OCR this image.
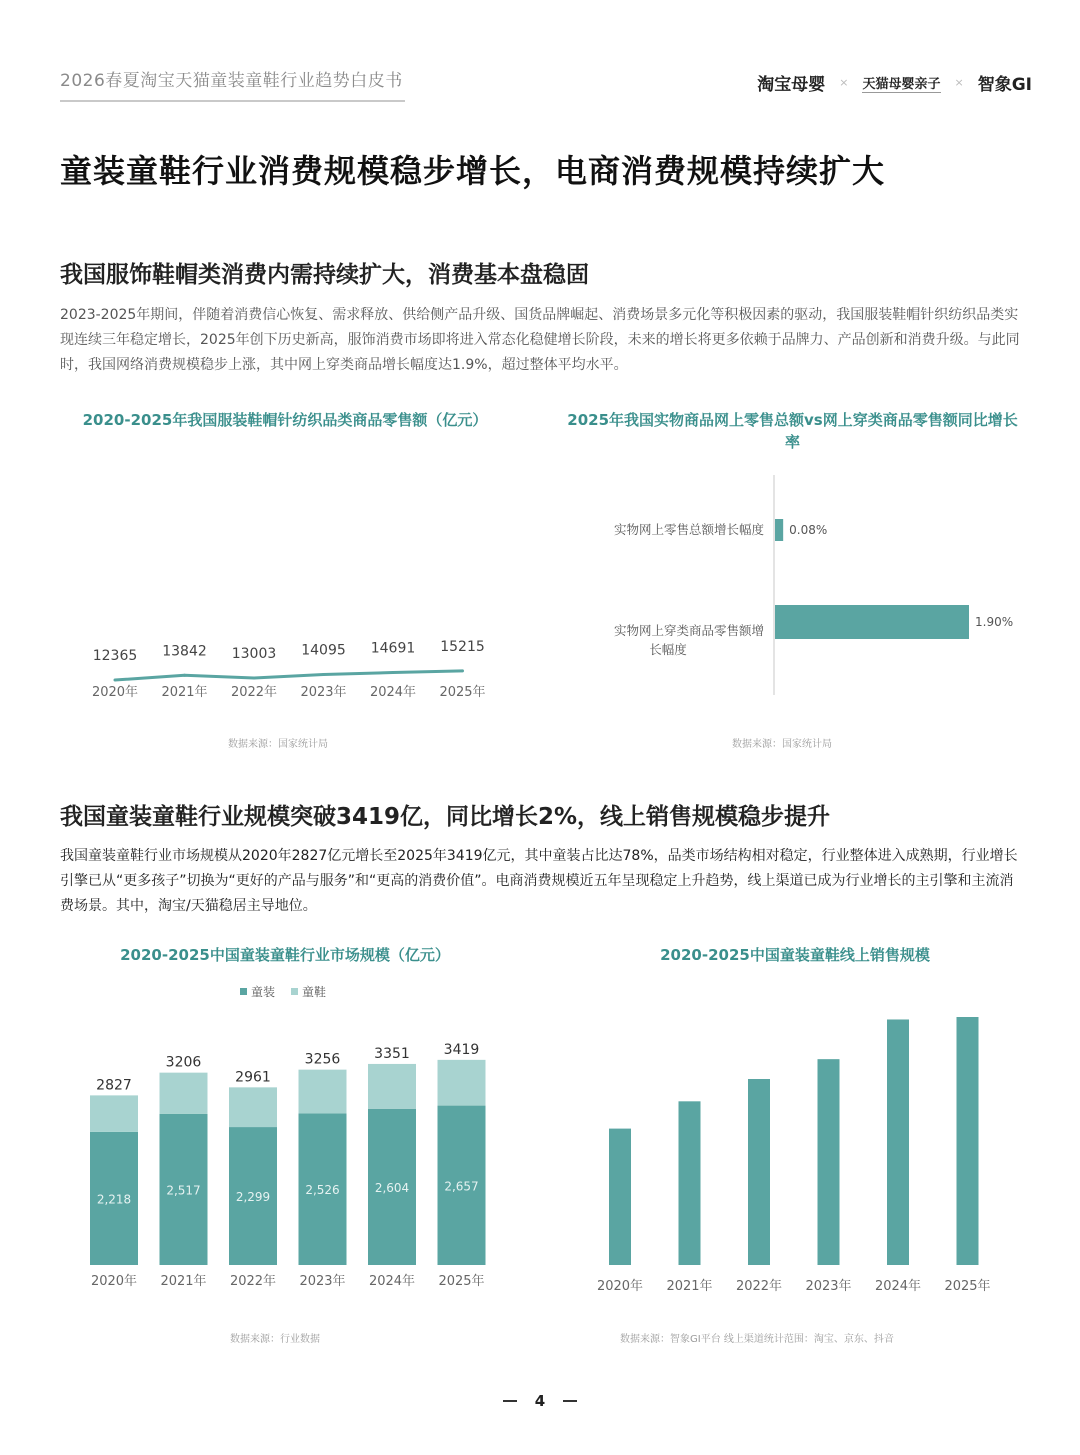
2026春夏淘宝天猫童装童鞋行业趋势白皮书	淘宝母婴 × 天猫母婴亲子 × 智象GI
童装童鞋行业消费规模稳步增长，电商消费规模持续扩大
我国服饰鞋帽类消费内需持续扩大，消费基本盘稳固

2023-2025年期间，伴随着消费信心恢复、需求释放、供给侧产品升级、国货品牌崛起、消费场景多元化等积极因素的驱动，我国服装鞋帽针织纺织品类实现连续三年稳定增长，2025年创下历史新高，服饰消费市场即将进入常态化稳健增长阶段，未来的增长将更多依赖于品牌力、产品创新和消费升级。与此同时，我国网络消费规模稳步上涨，其中网上穿类商品增长幅度达1.9%，超过整体平均水平。

2020-2025年我国服装鞋帽针纺织品类商品零售额（亿元）
12365 13842 13003 14095 14691 15215
2020年 2021年 2022年 2023年 2024年 2025年
数据来源：国家统计局
2025年我国实物商品网上零售总额vs网上穿类商品零售额同比增长率
0.08%
1.90%
实物网上零售总额增长幅度
实物网上穿类商品零售额增
长幅度
数据来源：国家统计局
我国童装童鞋行业规模突破3419亿，同比增长2%，线上销售规模稳步提升

我国童装童鞋行业市场规模从2020年2827亿元增长至2025年3419亿元，其中童装占比达78%，品类市场结构相对稳定，行业整体进入成熟期，行业增长引擎已从“更多孩子”切换为“更好的产品与服务”和“更高的消费价值”。电商消费规模近五年呈现稳定上升趋势，线上渠道已成为行业增长的主引擎和主流消费场景。其中，淘宝/天猫稳居主导地位。

2020-2025中国童装童鞋行业市场规模（亿元）
童装 童鞋
2,218
2827
2020年
2,517
3206
2021年
2,299
2961
2022年
2,526
3256
2023年
2,604
3351
2024年
2,657
3419
2025年
数据来源：行业数据
2020-2025中国童装童鞋线上销售规模
2020年 2021年 2022年 2023年 2024年 2025年
数据来源：智象GI平台 线上渠道统计范围：淘宝、京东、抖音
4
